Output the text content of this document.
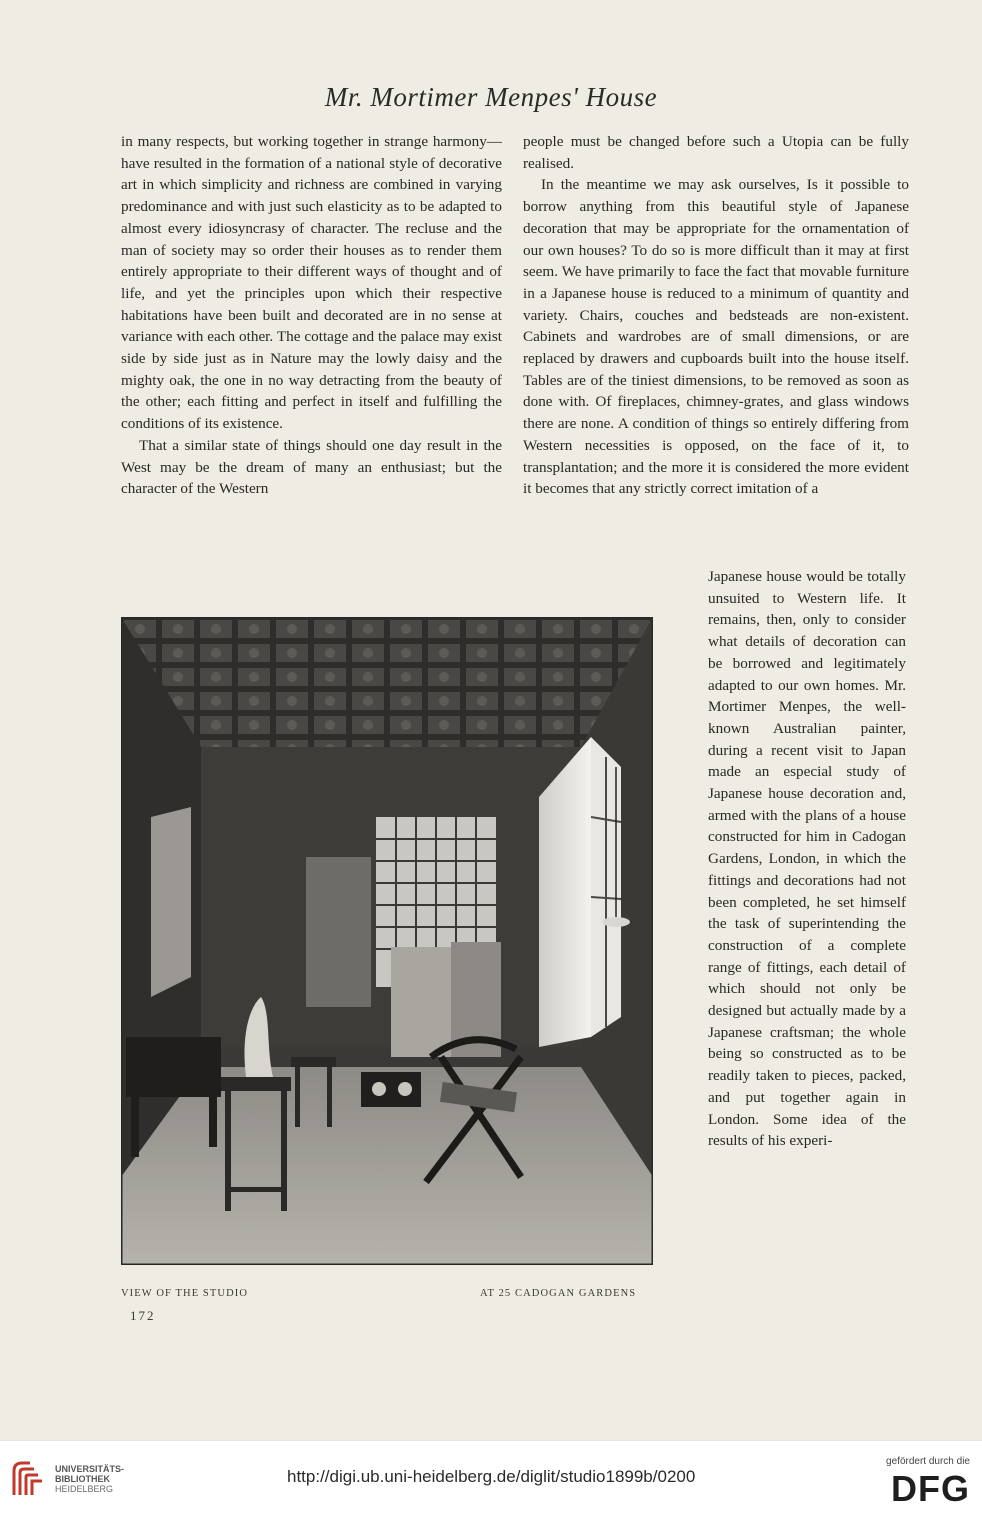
Mr. Mortimer Menpes' House

in many respects, but working together in strange harmony—have resulted in the formation of a national style of decorative art in which simplicity and richness are combined in varying predominance and with just such elasticity as to be adapted to almost every idiosyncrasy of character. The recluse and the man of society may so order their houses as to render them entirely appropriate to their different ways of thought and of life, and yet the principles upon which their respective habitations have been built and decorated are in no sense at variance with each other. The cottage and the palace may exist side by side just as in Nature may the lowly daisy and the mighty oak, the one in no way detracting from the beauty of the other; each fitting and perfect in itself and fulfilling the conditions of its existence.

That a similar state of things should one day result in the West may be the dream of many an enthusiast; but the character of the Western

people must be changed before such a Utopia can be fully realised.

In the meantime we may ask ourselves, Is it possible to borrow anything from this beautiful style of Japanese decoration that may be appropriate for the ornamentation of our own houses? To do so is more difficult than it may at first seem. We have primarily to face the fact that movable furniture in a Japanese house is reduced to a minimum of quantity and variety. Chairs, couches and bedsteads are non-existent. Cabinets and wardrobes are of small dimensions, or are replaced by drawers and cupboards built into the house itself. Tables are of the tiniest dimensions, to be removed as soon as done with. Of fireplaces, chimney-grates, and glass windows there are none. A condition of things so entirely differing from Western necessities is opposed, on the face of it, to transplantation; and the more it is considered the more evident it becomes that any strictly correct imitation of a

Japanese house would be totally unsuited to Western life. It remains, then, only to consider what details of decoration can be borrowed and legitimately adapted to our own homes. Mr. Mortimer Menpes, the well-known Australian painter, during a recent visit to Japan made an especial study of Japanese house decoration and, armed with the plans of a house constructed for him in Cadogan Gardens, London, in which the fittings and decorations had not been completed, he set himself the task of superintending the construction of a complete range of fittings, each detail of which should not only be designed but actually made by a Japanese craftsman; the whole being so constructed as to be readily taken to pieces, packed, and put together again in London. Some idea of the results of his experi-

VIEW OF THE STUDIO	AT 25 CADOGAN GARDENS
172
UNIVERSITÄTS-
BIBLIOTHEK
HEIDELBERG
http://digi.ub.uni-heidelberg.de/diglit/studio1899b/0200
gefördert durch die
DFG
